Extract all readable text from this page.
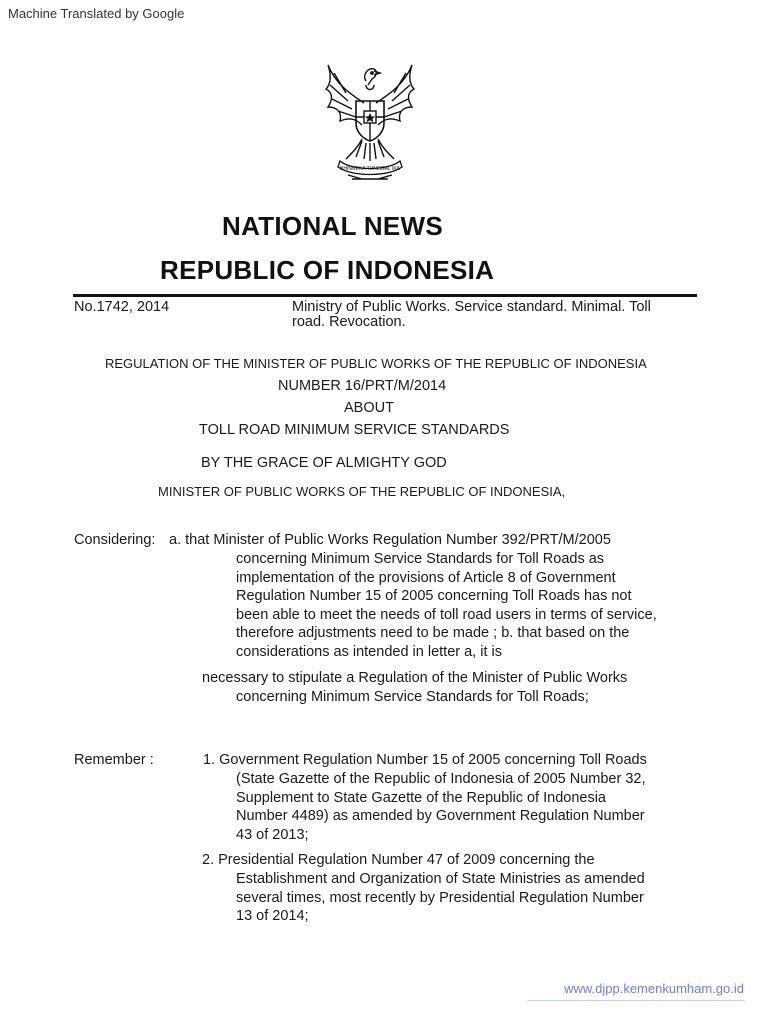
Machine Translated by Google
BHINNEKA TUNGGAL IKA
NATIONAL NEWS
REPUBLIC OF INDONESIA
No.1742, 2014	Ministry of Public Works. Service standard. Minimal. Toll
road. Revocation.
REGULATION OF THE MINISTER OF PUBLIC WORKS OF THE REPUBLIC OF INDONESIA
NUMBER 16/PRT/M/2014
ABOUT
TOLL ROAD MINIMUM SERVICE STANDARDS
BY THE GRACE OF ALMIGHTY GOD
MINISTER OF PUBLIC WORKS OF THE REPUBLIC OF INDONESIA,
Considering: a. that Minister of Public Works Regulation Number 392/PRT/M/2005
concerning Minimum Service Standards for Toll Roads as
implementation of the provisions of Article 8 of Government
Regulation Number 15 of 2005 concerning Toll Roads has not
been able to meet the needs of toll road users in terms of service,
therefore adjustments need to be made ; b. that based on the
considerations as intended in letter a, it is
necessary to stipulate a Regulation of the Minister of Public Works
concerning Minimum Service Standards for Toll Roads;
Remember :	1. Government Regulation Number 15 of 2005 concerning Toll Roads
(State Gazette of the Republic of Indonesia of 2005 Number 32,
Supplement to State Gazette of the Republic of Indonesia
Number 4489) as amended by Government Regulation Number
43 of 2013;
2. Presidential Regulation Number 47 of 2009 concerning the
Establishment and Organization of State Ministries as amended
several times, most recently by Presidential Regulation Number
13 of 2014;
www.djpp.kemenkumham.go.id
